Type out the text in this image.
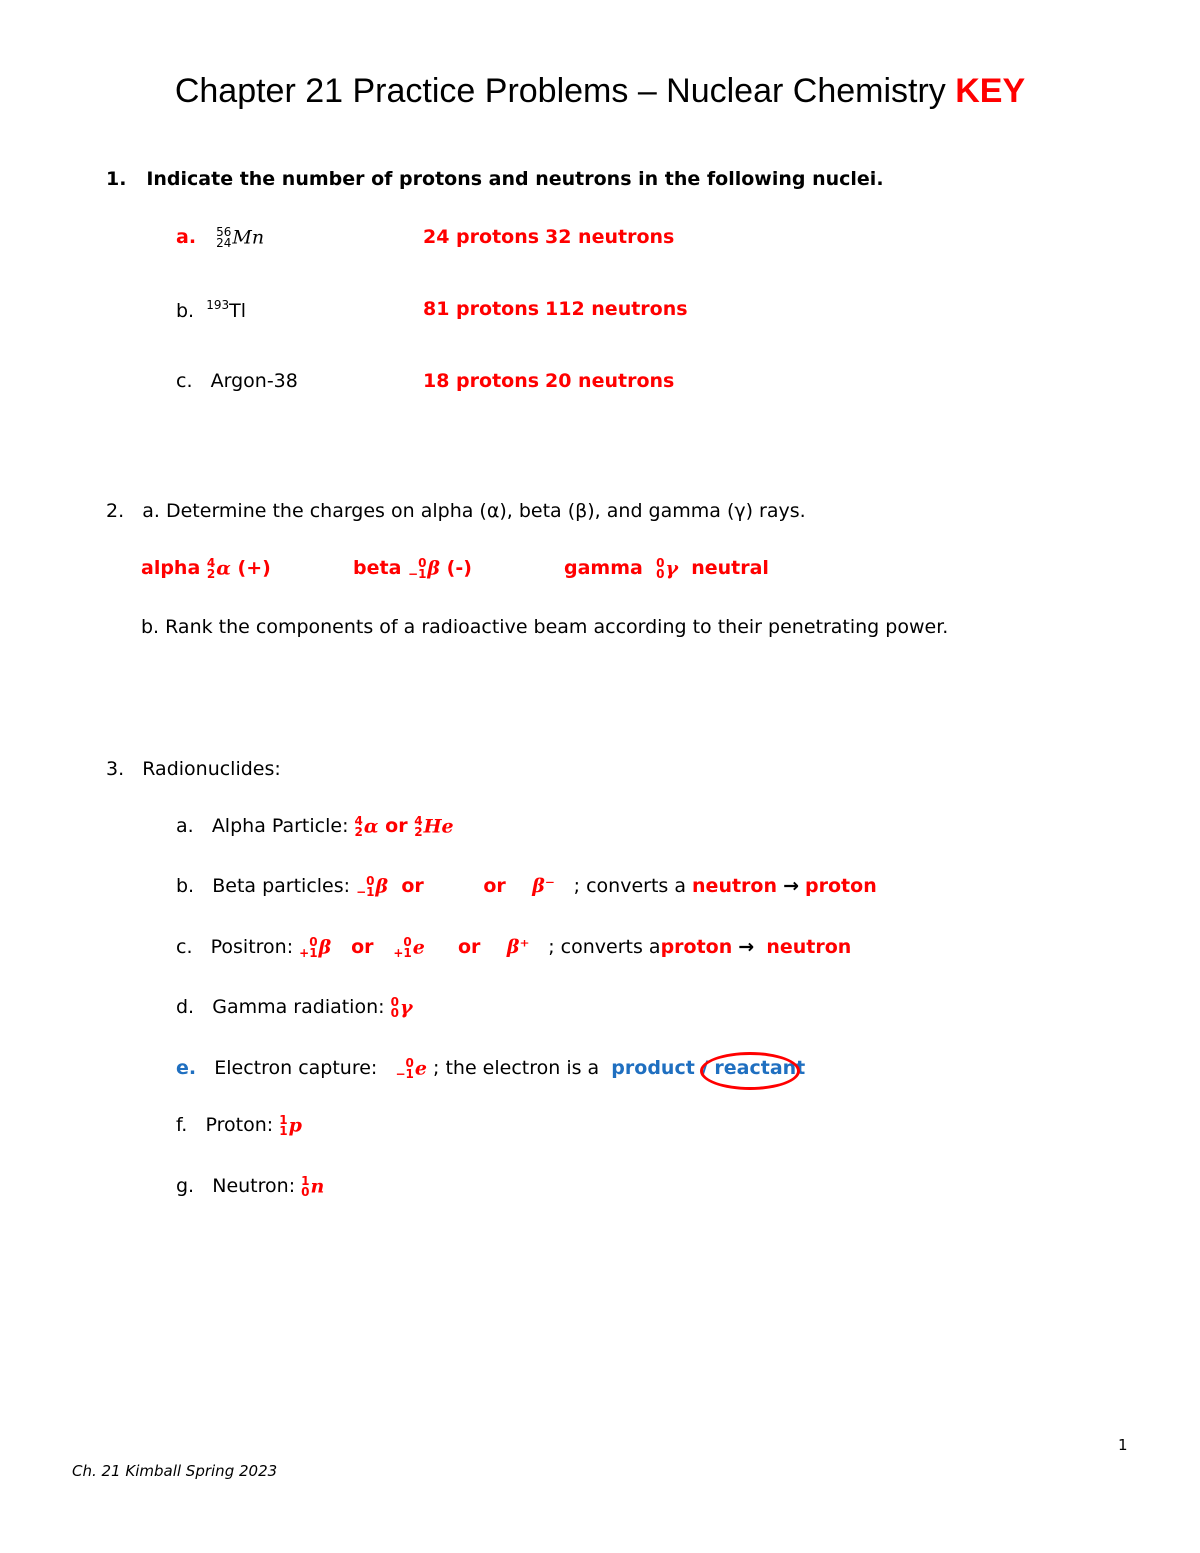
Chapter 21 Practice Problems – Nuclear Chemistry KEY
1. Indicate the number of protons and neutrons in the following nuclei.
a. 56
24 Mn	24 protons 32 neutrons
b. $^{193}$Tl	81 protons 112 neutrons
c. Argon-38	18 protons 20 neutrons
2. a. Determine the charges on alpha (α), beta (β), and gamma (γ) rays.
alpha 4
2 α (+)	beta 0
−1 β (-)	gamma 0
0 γ neutral
b. Rank the components of a radioactive beam according to their penetrating power.
3. Radionuclides:
a. Alpha Particle: 4
2 α or 4
2 He
b. Beta particles: 0
−1 β or	or β⁻ ; converts a neutron → proton
c. Positron: 0
+1 β or 0
+1 e or β⁺ ; converts aproton → neutron
d. Gamma radiation: 0
0 γ
e. Electron capture: 0
−1 e ; the electron is a product / reactant
f. Proton: 1
1 p
g. Neutron: 1
0 n
1
Ch. 21 Kimball Spring 2023
